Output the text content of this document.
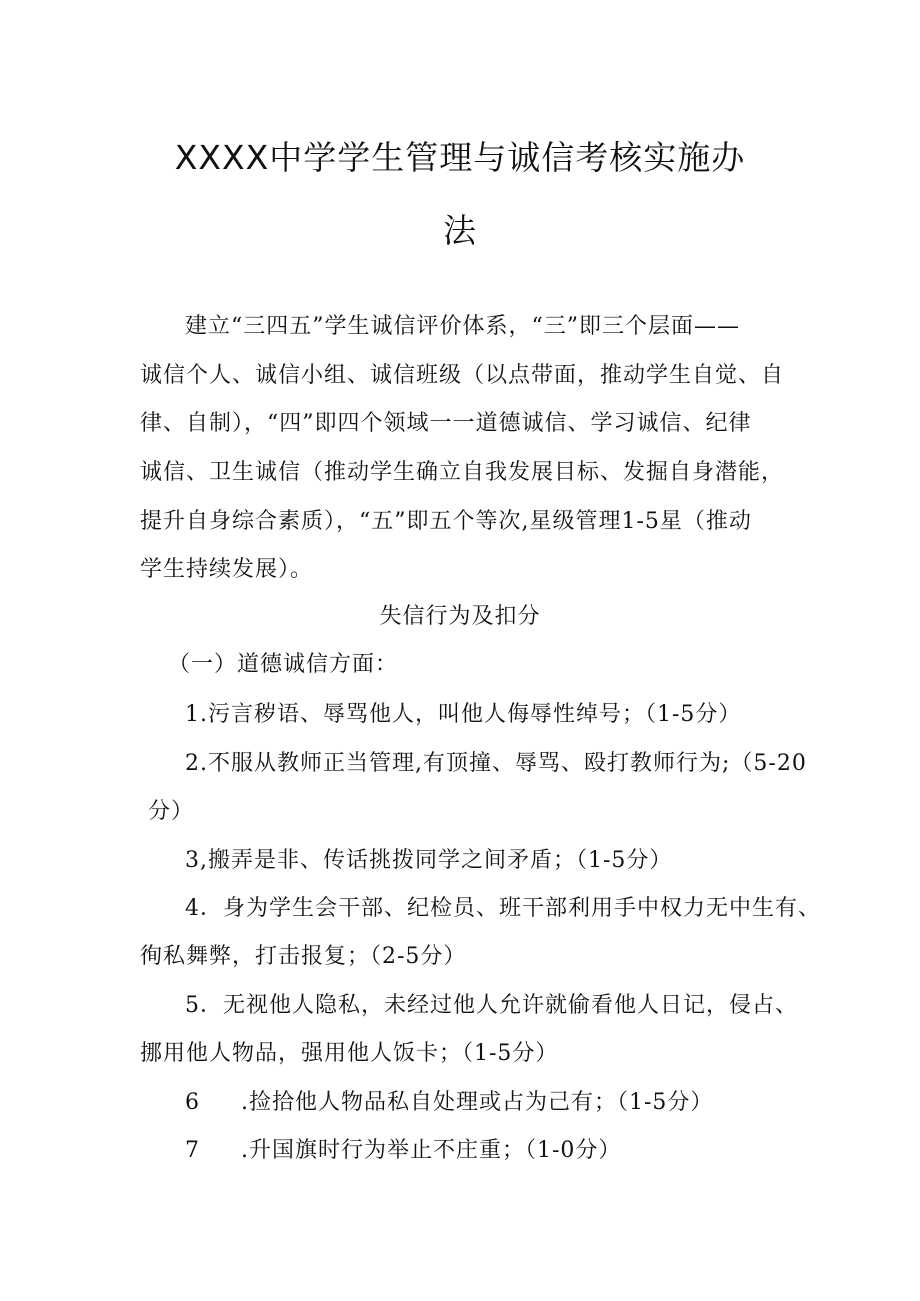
XXXX中学学生管理与诚信考核实施办
法
建立“三四五”学生诚信评价体系，“三”即三个层面——
诚信个人、诚信小组、诚信班级（以点带面，推动学生自觉、自
律、自制），“四”即四个领域一一道德诚信、学习诚信、纪律
诚信、卫生诚信（推动学生确立自我发展目标、发掘自身潜能，
提升自身综合素质），“五”即五个等次,星级管理1-5星（推动
学生持续发展）。
失信行为及扣分
（一）道德诚信方面：
1.污言秽语、辱骂他人，叫他人侮辱性绰号；（1-5分）
2.不服从教师正当管理,有顶撞、辱骂、殴打教师行为;（5-20
分）
3,搬弄是非、传话挑拨同学之间矛盾；（1-5分）
4．身为学生会干部、纪检员、班干部利用手中权力无中生有、
徇私舞弊，打击报复；（2-5分）
5．无视他人隐私，未经过他人允许就偷看他人日记，侵占、
挪用他人物品，强用他人饭卡；（1-5分）
6 .捡拾他人物品私自处理或占为己有；（1-5分）
7 .升国旗时行为举止不庄重；（1-0分）
